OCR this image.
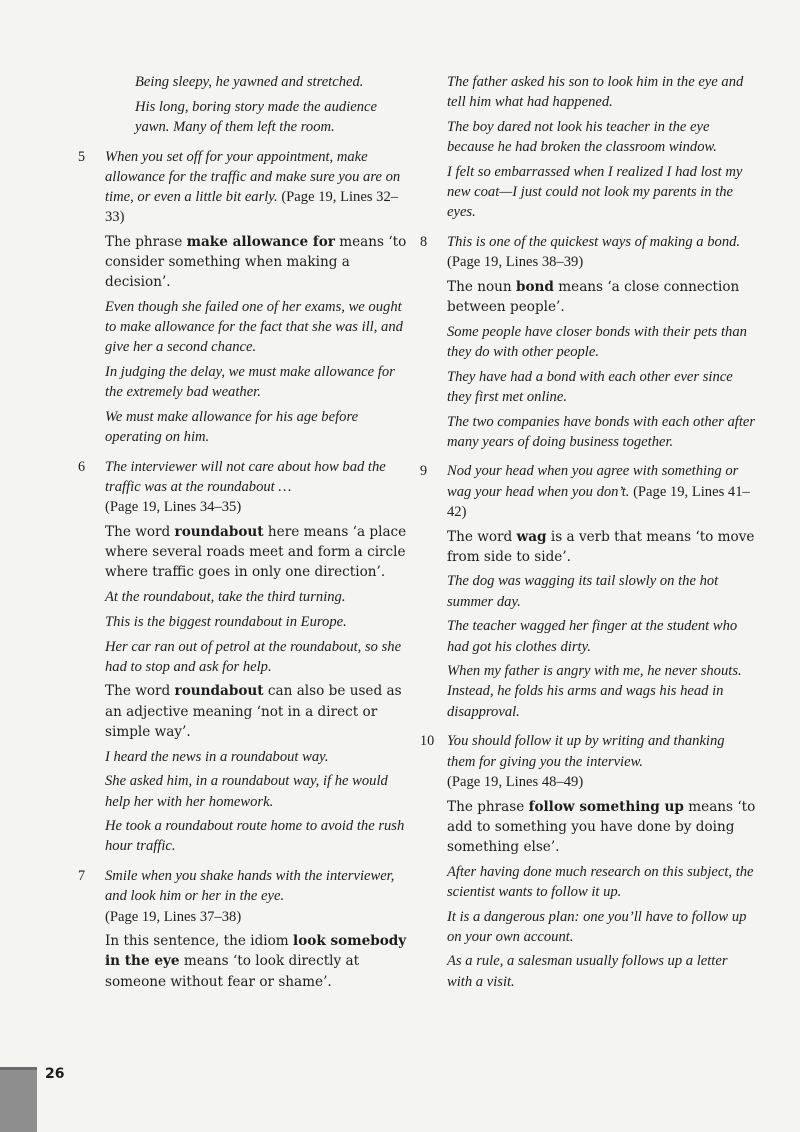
Being sleepy, he yawned and stretched.

His long, boring story made the audience yawn. Many of them left the room.

5 When you set off for your appointment, make allowance for the traffic and make sure you are on time, or even a little bit early. (Page 19, Lines 32–33)

The phrase make allowance for means ‘to consider something when making a decision’.

Even though she failed one of her exams, we ought to make allowance for the fact that she was ill, and give her a second chance.

In judging the delay, we must make allowance for the extremely bad weather.

We must make allowance for his age before operating on him.

6 The interviewer will not care about how bad the traffic was at the roundabout …
(Page 19, Lines 34–35)

The word roundabout here means ‘a place where several roads meet and form a circle where traffic goes in only one direction’.

At the roundabout, take the third turning.

This is the biggest roundabout in Europe.

Her car ran out of petrol at the roundabout, so she had to stop and ask for help.

The word roundabout can also be used as an adjective meaning ‘not in a direct or simple way’.

I heard the news in a roundabout way.

She asked him, in a roundabout way, if he would help her with her homework.

He took a roundabout route home to avoid the rush hour traffic.

7 Smile when you shake hands with the interviewer, and look him or her in the eye.
(Page 19, Lines 37–38)

In this sentence, the idiom look somebody in the eye means ‘to look directly at someone without fear or shame’.

The father asked his son to look him in the eye and tell him what had happened.

The boy dared not look his teacher in the eye because he had broken the classroom window.

I felt so embarrassed when I realized I had lost my new coat—I just could not look my parents in the eyes.

8 This is one of the quickest ways of making a bond. (Page 19, Lines 38–39)

The noun bond means ‘a close connection between people’.

Some people have closer bonds with their pets than they do with other people.

They have had a bond with each other ever since they first met online.

The two companies have bonds with each other after many years of doing business together.

9 Nod your head when you agree with something or wag your head when you don’t. (Page 19, Lines 41–42)

The word wag is a verb that means ‘to move from side to side’.

The dog was wagging its tail slowly on the hot summer day.

The teacher wagged her finger at the student who had got his clothes dirty.

When my father is angry with me, he never shouts. Instead, he folds his arms and wags his head in disapproval.

10 You should follow it up by writing and thanking them for giving you the interview.
(Page 19, Lines 48–49)

The phrase follow something up means ‘to add to something you have done by doing something else’.

After having done much research on this subject, the scientist wants to follow it up.

It is a dangerous plan: one you’ll have to follow up on your own account.

As a rule, a salesman usually follows up a letter with a visit.

26
